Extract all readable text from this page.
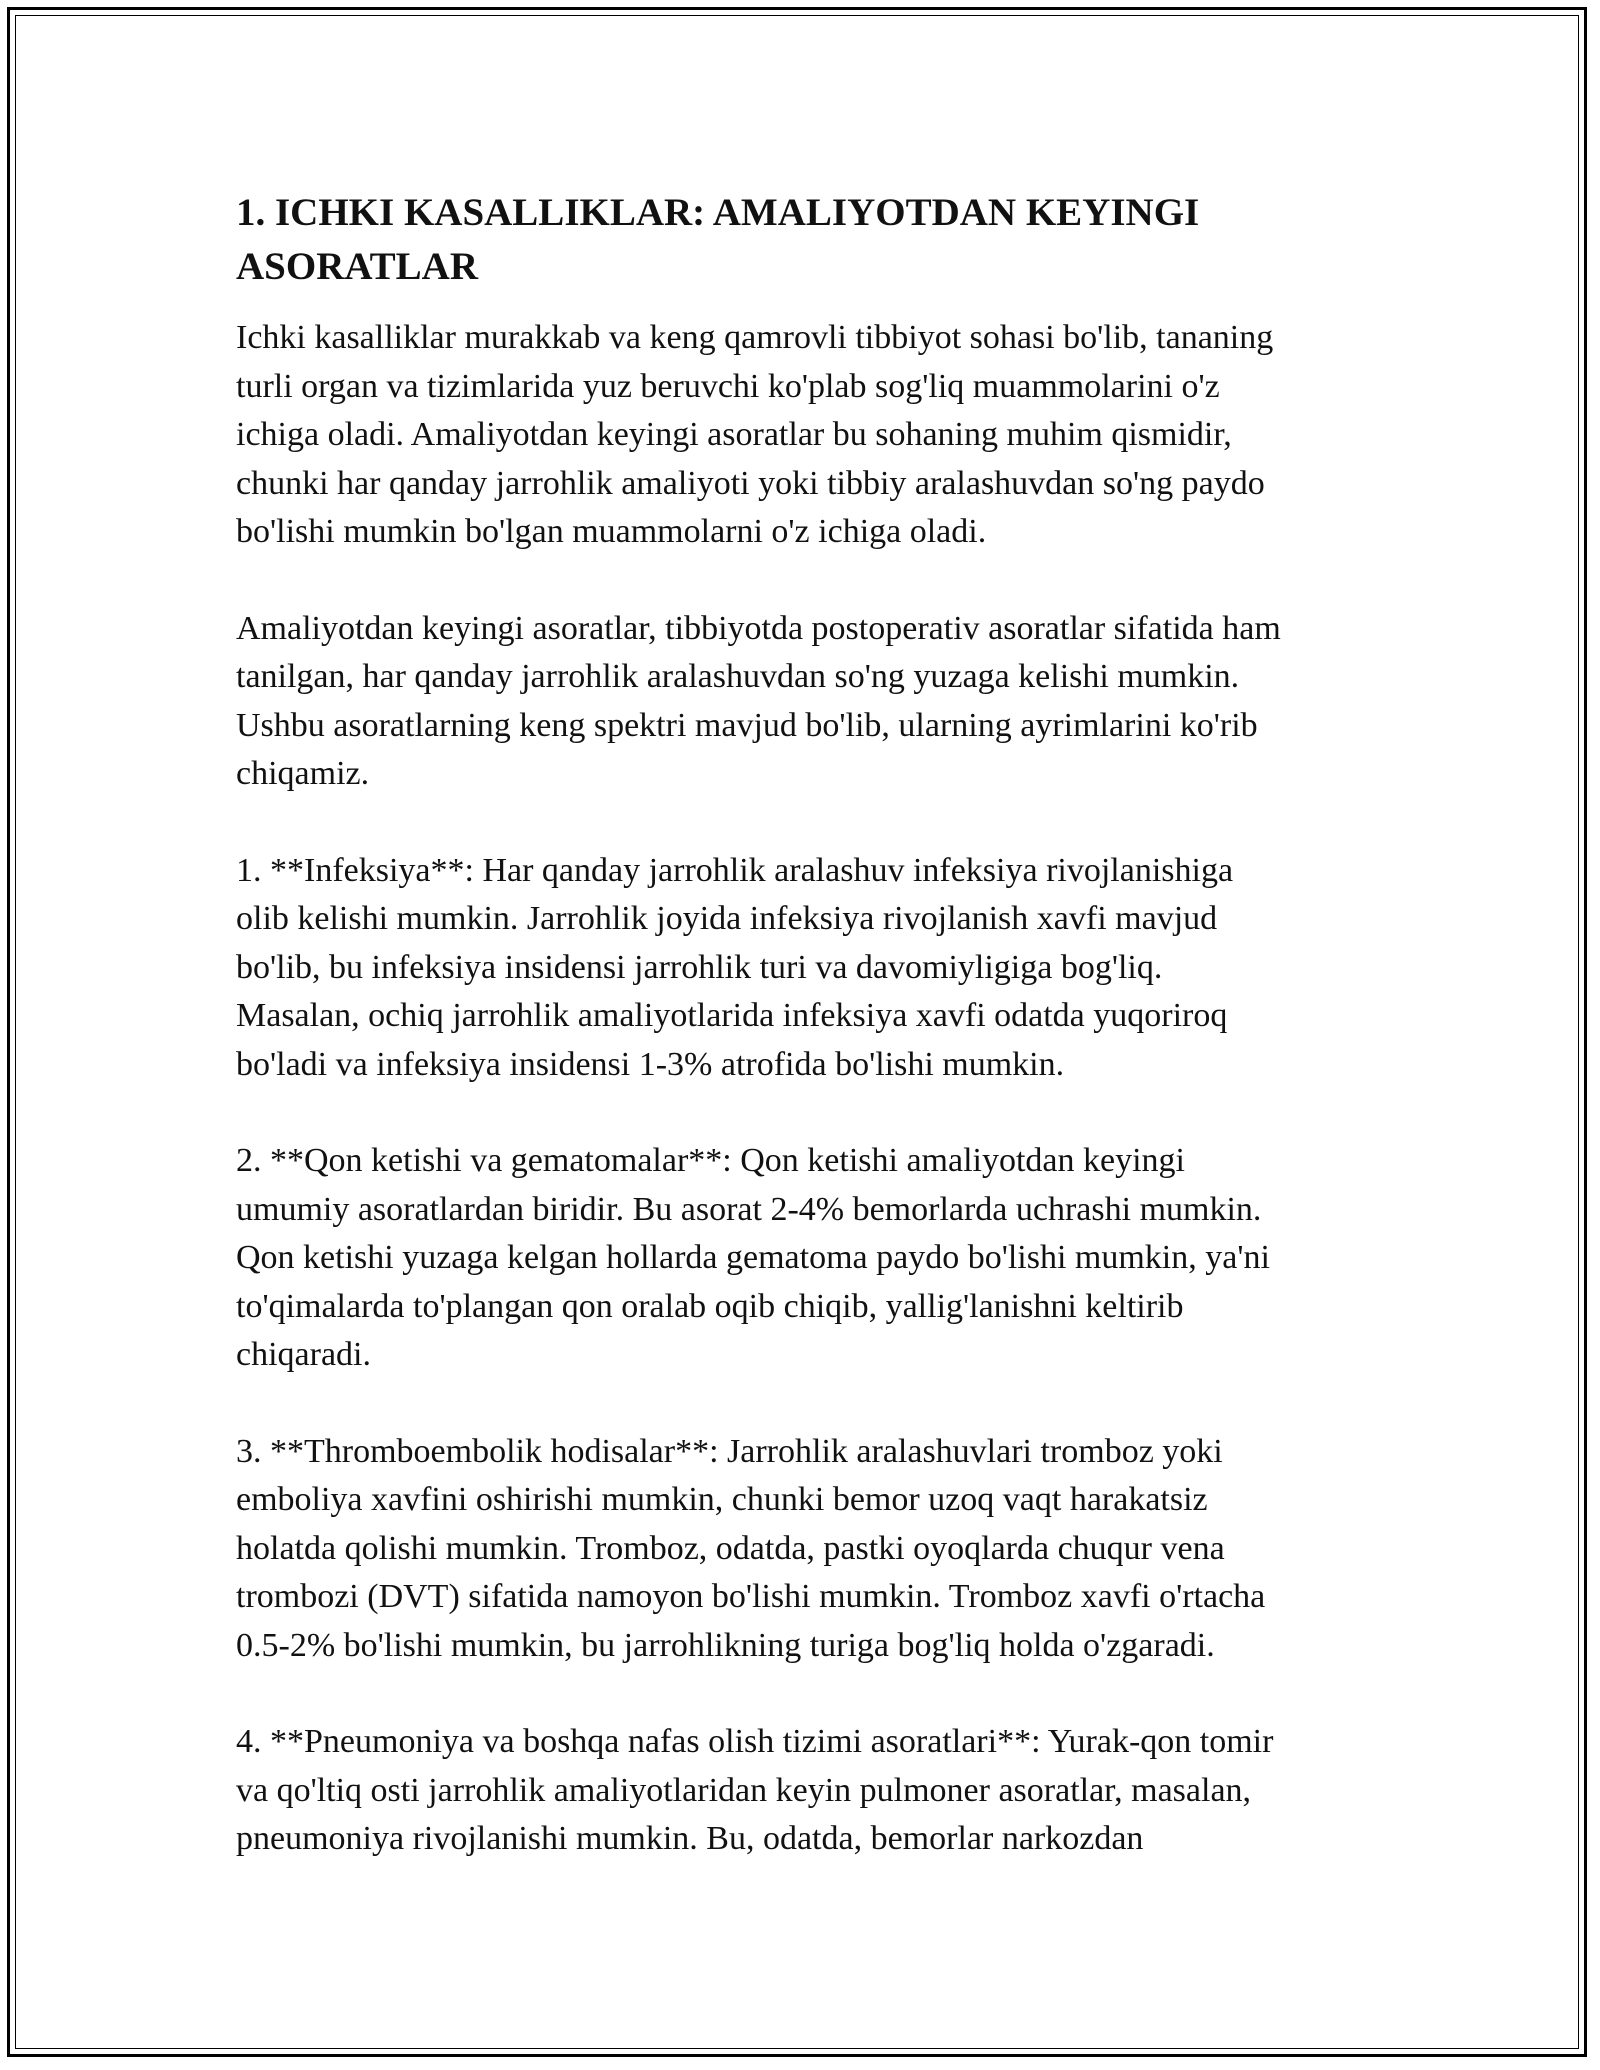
1. ICHKI KASALLIKLAR: AMALIYOTDAN KEYINGI
ASORATLAR

Ichki kasalliklar murakkab va keng qamrovli tibbiyot sohasi bo'lib, tananing
turli organ va tizimlarida yuz beruvchi ko'plab sog'liq muammolarini o'z
ichiga oladi. Amaliyotdan keyingi asoratlar bu sohaning muhim qismidir,
chunki har qanday jarrohlik amaliyoti yoki tibbiy aralashuvdan so'ng paydo
bo'lishi mumkin bo'lgan muammolarni o'z ichiga oladi.

Amaliyotdan keyingi asoratlar, tibbiyotda postoperativ asoratlar sifatida ham
tanilgan, har qanday jarrohlik aralashuvdan so'ng yuzaga kelishi mumkin.
Ushbu asoratlarning keng spektri mavjud bo'lib, ularning ayrimlarini ko'rib
chiqamiz.

1. **Infeksiya**: Har qanday jarrohlik aralashuv infeksiya rivojlanishiga
olib kelishi mumkin. Jarrohlik joyida infeksiya rivojlanish xavfi mavjud
bo'lib, bu infeksiya insidensi jarrohlik turi va davomiyligiga bog'liq.
Masalan, ochiq jarrohlik amaliyotlarida infeksiya xavfi odatda yuqoriroq
bo'ladi va infeksiya insidensi 1-3% atrofida bo'lishi mumkin.

2. **Qon ketishi va gematomalar**: Qon ketishi amaliyotdan keyingi
umumiy asoratlardan biridir. Bu asorat 2-4% bemorlarda uchrashi mumkin.
Qon ketishi yuzaga kelgan hollarda gematoma paydo bo'lishi mumkin, ya'ni
to'qimalarda to'plangan qon oralab oqib chiqib, yallig'lanishni keltirib
chiqaradi.

3. **Thromboembolik hodisalar**: Jarrohlik aralashuvlari tromboz yoki
emboliya xavfini oshirishi mumkin, chunki bemor uzoq vaqt harakatsiz
holatda qolishi mumkin. Tromboz, odatda, pastki oyoqlarda chuqur vena
trombozi (DVT) sifatida namoyon bo'lishi mumkin. Tromboz xavfi o'rtacha
0.5-2% bo'lishi mumkin, bu jarrohlikning turiga bog'liq holda o'zgaradi.

4. **Pneumoniya va boshqa nafas olish tizimi asoratlari**: Yurak-qon tomir
va qo'ltiq osti jarrohlik amaliyotlaridan keyin pulmoner asoratlar, masalan,
pneumoniya rivojlanishi mumkin. Bu, odatda, bemorlar narkozdan
